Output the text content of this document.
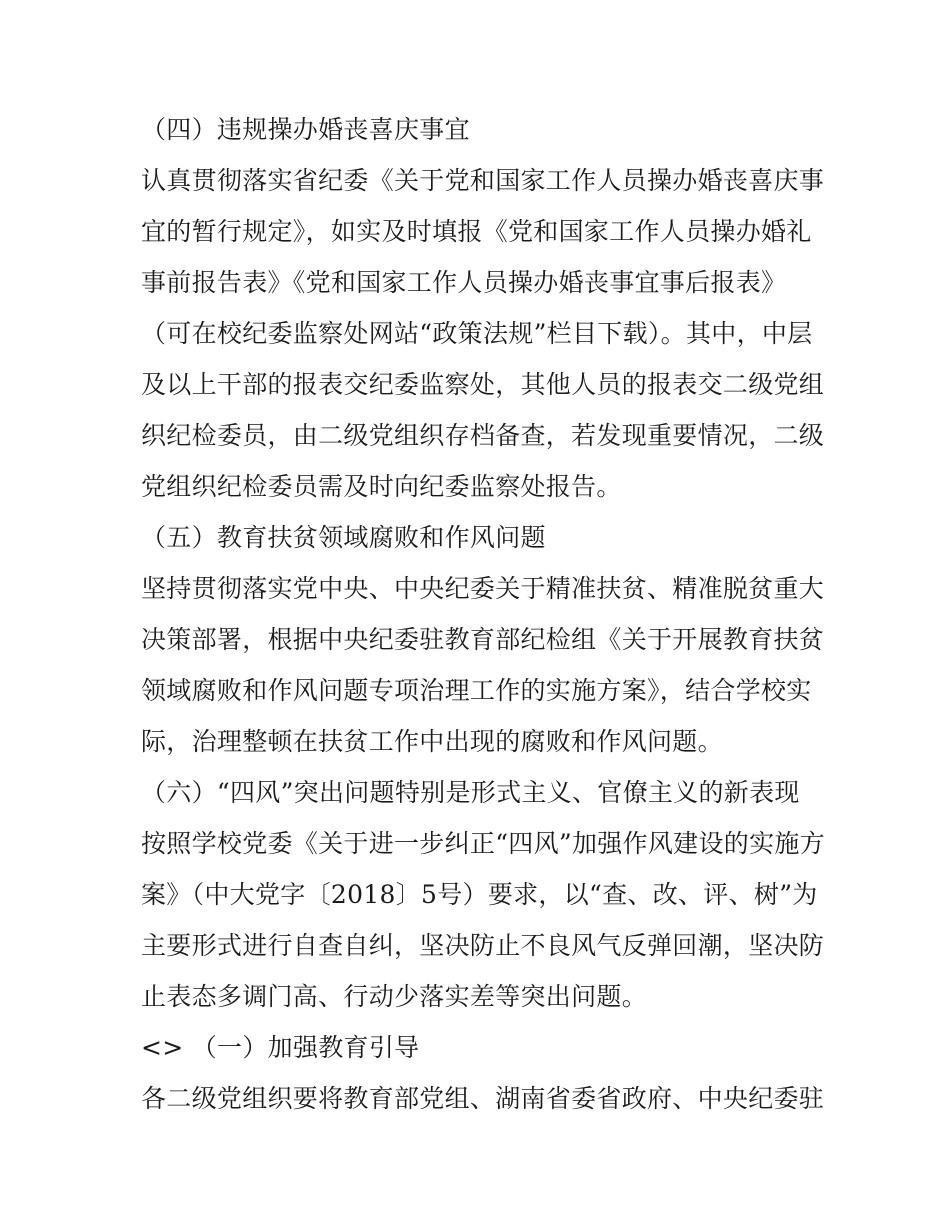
（四）违规操办婚丧喜庆事宜
认真贯彻落实省纪委《关于党和国家工作人员操办婚丧喜庆事
宜的暂行规定》，如实及时填报《党和国家工作人员操办婚礼
事前报告表》《党和国家工作人员操办婚丧事宜事后报表》
（可在校纪委监察处网站“政策法规”栏目下载）。其中，中层
及以上干部的报表交纪委监察处，其他人员的报表交二级党组
织纪检委员，由二级党组织存档备查，若发现重要情况，二级
党组织纪检委员需及时向纪委监察处报告。
（五）教育扶贫领域腐败和作风问题
坚持贯彻落实党中央、中央纪委关于精准扶贫、精准脱贫重大
决策部署，根据中央纪委驻教育部纪检组《关于开展教育扶贫
领域腐败和作风问题专项治理工作的实施方案》，结合学校实
际，治理整顿在扶贫工作中出现的腐败和作风问题。
（六）“四风”突出问题特别是形式主义、官僚主义的新表现
按照学校党委《关于进一步纠正“四风”加强作风建设的实施方
案》（中大党字〔2018〕5号）要求，以“查、改、评、树”为
主要形式进行自查自纠，坚决防止不良风气反弹回潮，坚决防
止表态多调门高、行动少落实差等突出问题。
<> （一）加强教育引导
各二级党组织要将教育部党组、湖南省委省政府、中央纪委驻
